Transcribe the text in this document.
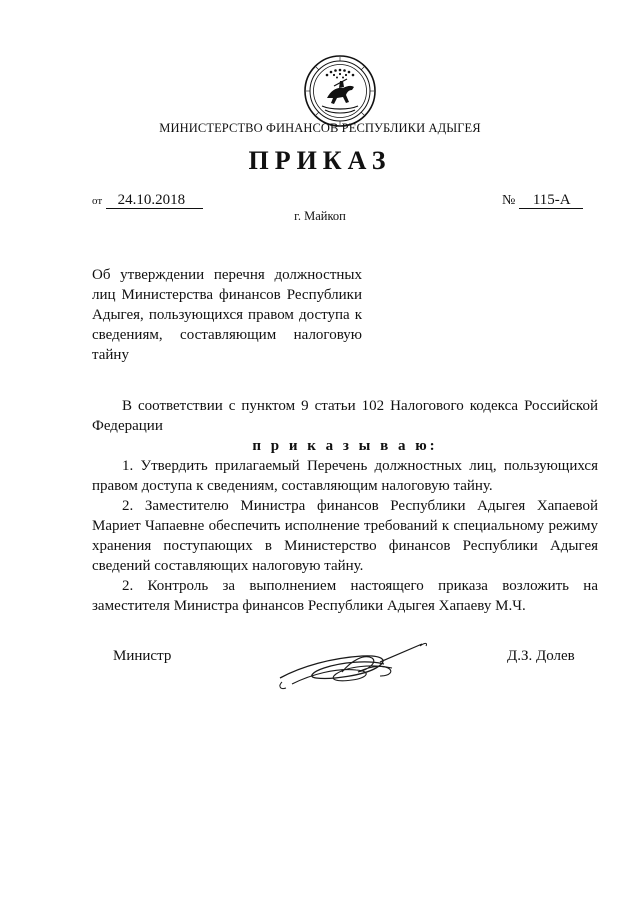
МИНИСТЕРСТВО ФИНАНСОВ РЕСПУБЛИКИ АДЫГЕЯ
ПРИКАЗ
от 24.10.2018	№ 115-А
г. Майкоп
Об утверждении перечня должностных лиц Министерства финансов Республики Адыгея, пользующихся правом доступа к сведениям, составляющим налоговую тайну

В соответствии с пунктом 9 статьи 102 Налогового кодекса Российской Федерации

п р и к а з ы в а ю:

1. Утвердить прилагаемый Перечень должностных лиц, пользующихся правом доступа к сведениям, составляющим налоговую тайну.

2. Заместителю Министра финансов Республики Адыгея Хапаевой Мариет Чапаевне обеспечить исполнение требований к специальному режиму хранения поступающих в Министерство финансов Республики Адыгея сведений составляющих налоговую тайну.

2. Контроль за выполнением настоящего приказа возложить на заместителя Министра финансов Республики Адыгея Хапаеву М.Ч.

Министр	Д.З. Долев
